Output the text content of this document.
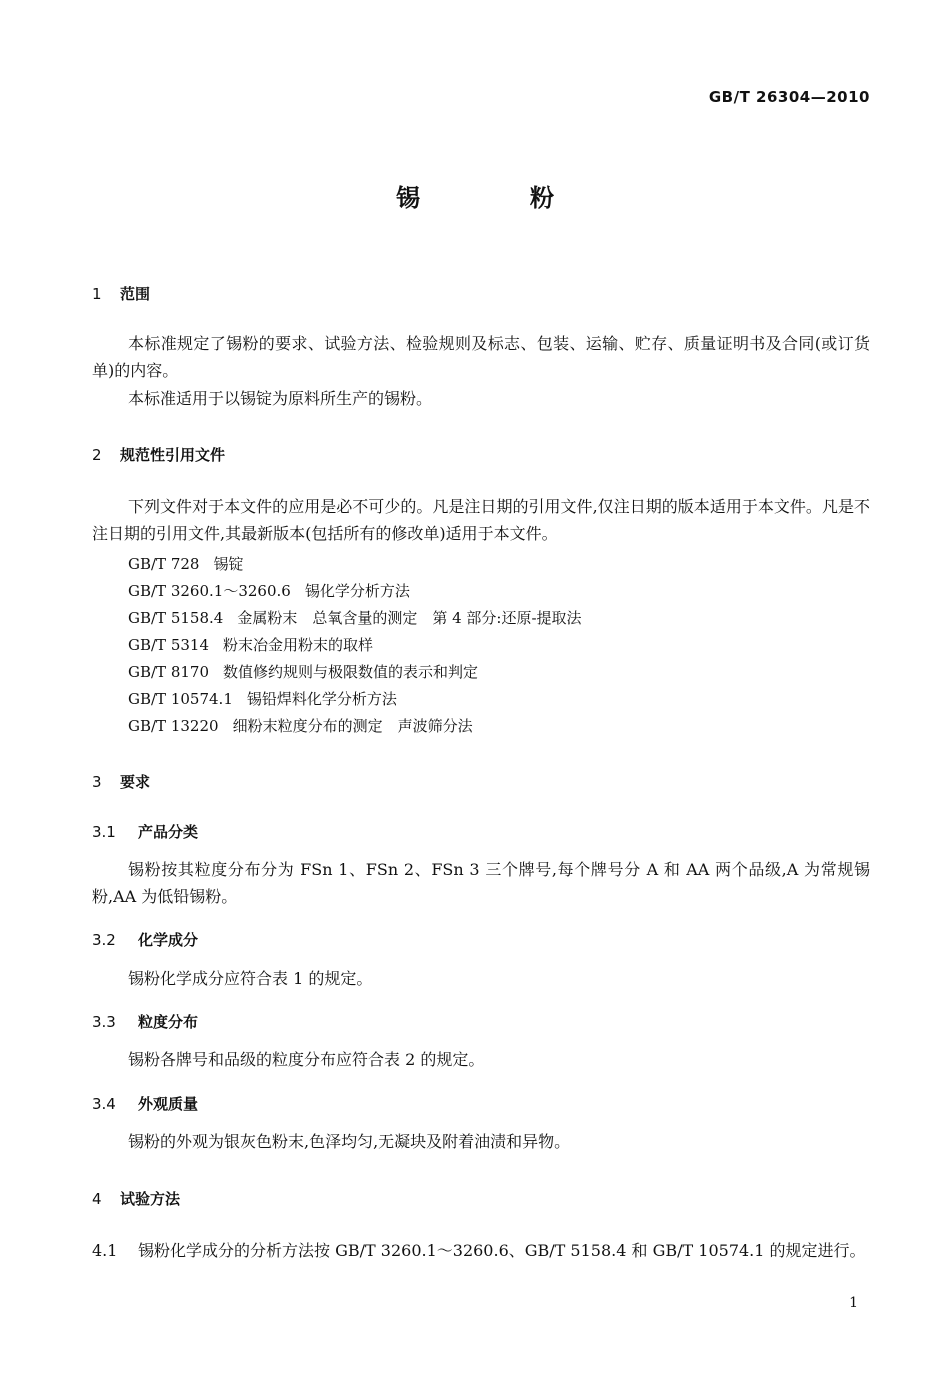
GB/T 26304—2010
锡粉
1 范围
本标准规定了锡粉的要求、试验方法、检验规则及标志、包装、运输、贮存、质量证明书及合同(或订货单)的内容。
本标准适用于以锡锭为原料所生产的锡粉。
2 规范性引用文件
下列文件对于本文件的应用是必不可少的。凡是注日期的引用文件,仅注日期的版本适用于本文件。凡是不注日期的引用文件,其最新版本(包括所有的修改单)适用于本文件。
GB/T 728 锡锭
GB/T 3260.1～3260.6 锡化学分析方法
GB/T 5158.4 金属粉末　总氧含量的测定　第 4 部分:还原-提取法
GB/T 5314 粉末冶金用粉末的取样
GB/T 8170 数值修约规则与极限数值的表示和判定
GB/T 10574.1 锡铅焊料化学分析方法
GB/T 13220 细粉末粒度分布的测定　声波筛分法
3 要求
3.1 产品分类
锡粉按其粒度分布分为 FSn 1、FSn 2、FSn 3 三个牌号,每个牌号分 A 和 AA 两个品级,A 为常规锡粉,AA 为低铅锡粉。
3.2 化学成分
锡粉化学成分应符合表 1 的规定。
3.3 粒度分布
锡粉各牌号和品级的粒度分布应符合表 2 的规定。
3.4 外观质量
锡粉的外观为银灰色粉末,色泽均匀,无凝块及附着油渍和异物。
4 试验方法
4.1 锡粉化学成分的分析方法按 GB/T 3260.1～3260.6、GB/T 5158.4 和 GB/T 10574.1 的规定进行。
1
